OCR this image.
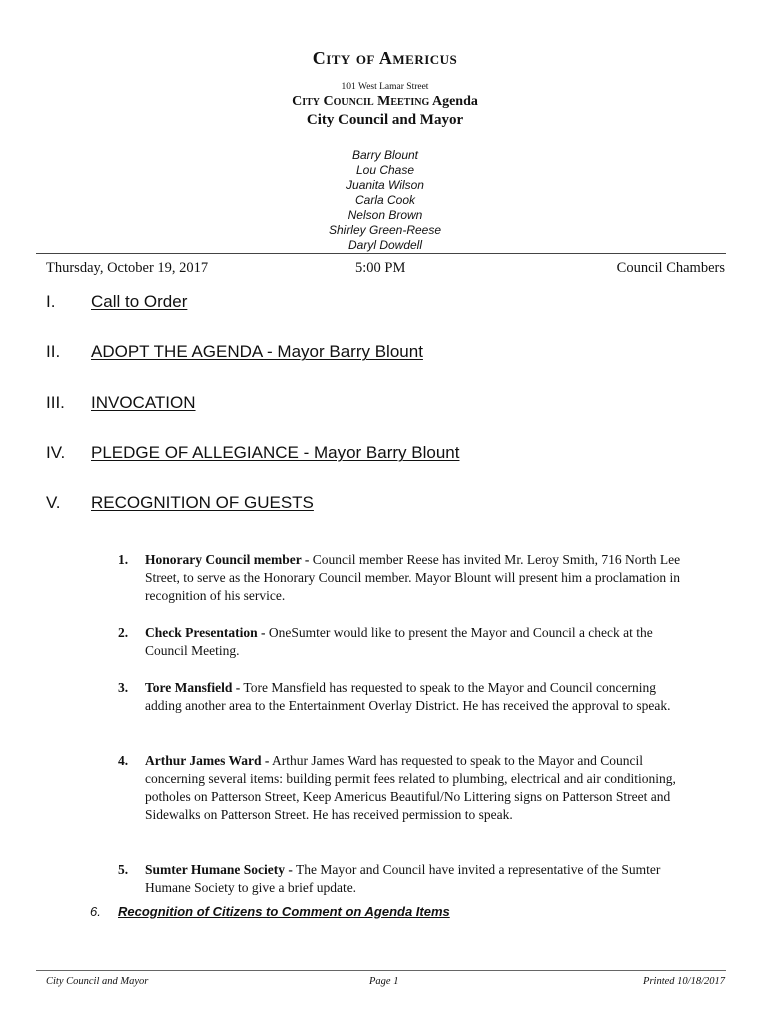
City of Americus
101 West Lamar Street
City Council Meeting Agenda
City Council and Mayor
Barry Blount
Lou Chase
Juanita Wilson
Carla Cook
Nelson Brown
Shirley Green-Reese
Daryl Dowdell
Thursday, October 19, 2017	5:00 PM	Council Chambers
I.	Call to Order
II.	ADOPT THE AGENDA - Mayor Barry Blount
III.	INVOCATION
IV.	PLEDGE OF ALLEGIANCE - Mayor Barry Blount
V.	RECOGNITION OF GUESTS
1. Honorary Council member - Council member Reese has invited Mr. Leroy Smith, 716 North Lee Street, to serve as the Honorary Council member. Mayor Blount will present him a proclamation in recognition of his service.
2. Check Presentation - OneSumter would like to present the Mayor and Council a check at the Council Meeting.
3. Tore Mansfield - Tore Mansfield has requested to speak to the Mayor and Council concerning adding another area to the Entertainment Overlay District. He has received the approval to speak.
4. Arthur James Ward - Arthur James Ward has requested to speak to the Mayor and Council concerning several items: building permit fees related to plumbing, electrical and air conditioning, potholes on Patterson Street, Keep Americus Beautiful/No Littering signs on Patterson Street and Sidewalks on Patterson Street. He has received permission to speak.
5. Sumter Humane Society - The Mayor and Council have invited a representative of the Sumter Humane Society to give a brief update.
6. Recognition of Citizens to Comment on Agenda Items
City Council and Mayor	Page 1	Printed 10/18/2017
